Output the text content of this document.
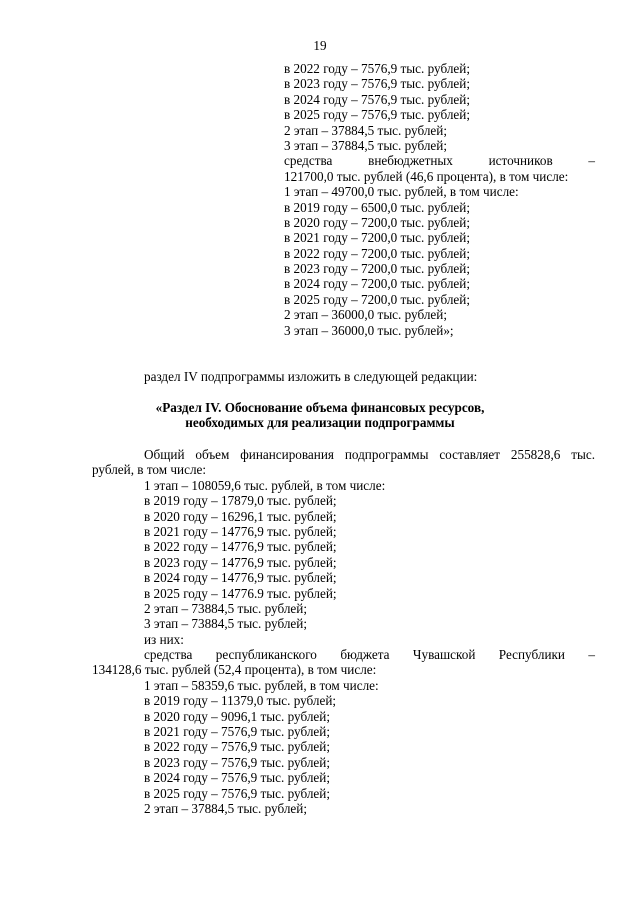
19
в 2022 году – 7576,9 тыс. рублей;
в 2023 году – 7576,9 тыс. рублей;
в 2024 году – 7576,9 тыс. рублей;
в 2025 году – 7576,9 тыс. рублей;
2 этап – 37884,5 тыс. рублей;
3 этап – 37884,5 тыс. рублей;
средства внебюджетных источников –
121700,0 тыс. рублей (46,6 процента), в том числе:
1 этап – 49700,0 тыс. рублей, в том числе:
в 2019 году – 6500,0 тыс. рублей;
в 2020 году – 7200,0 тыс. рублей;
в 2021 году – 7200,0 тыс. рублей;
в 2022 году – 7200,0 тыс. рублей;
в 2023 году – 7200,0 тыс. рублей;
в 2024 году – 7200,0 тыс. рублей;
в 2025 году – 7200,0 тыс. рублей;
2 этап – 36000,0 тыс. рублей;
3 этап – 36000,0 тыс. рублей»;
раздел IV подпрограммы изложить в следующей редакции:
«Раздел IV. Обоснование объема финансовых ресурсов,
необходимых для реализации подпрограммы
Общий объем финансирования подпрограммы составляет 255828,6 тыс.
рублей, в том числе:
1 этап – 108059,6 тыс. рублей, в том числе:
в 2019 году – 17879,0 тыс. рублей;
в 2020 году – 16296,1 тыс. рублей;
в 2021 году – 14776,9 тыс. рублей;
в 2022 году – 14776,9 тыс. рублей;
в 2023 году – 14776,9 тыс. рублей;
в 2024 году – 14776,9 тыс. рублей;
в 2025 году – 14776.9 тыс. рублей;
2 этап – 73884,5 тыс. рублей;
3 этап – 73884,5 тыс. рублей;
из них:
средства республиканского бюджета Чувашской Республики –
134128,6 тыс. рублей (52,4 процента), в том числе:
1 этап – 58359,6 тыс. рублей, в том числе:
в 2019 году – 11379,0 тыс. рублей;
в 2020 году – 9096,1 тыс. рублей;
в 2021 году – 7576,9 тыс. рублей;
в 2022 году – 7576,9 тыс. рублей;
в 2023 году – 7576,9 тыс. рублей;
в 2024 году – 7576,9 тыс. рублей;
в 2025 году – 7576,9 тыс. рублей;
2 этап – 37884,5 тыс. рублей;
